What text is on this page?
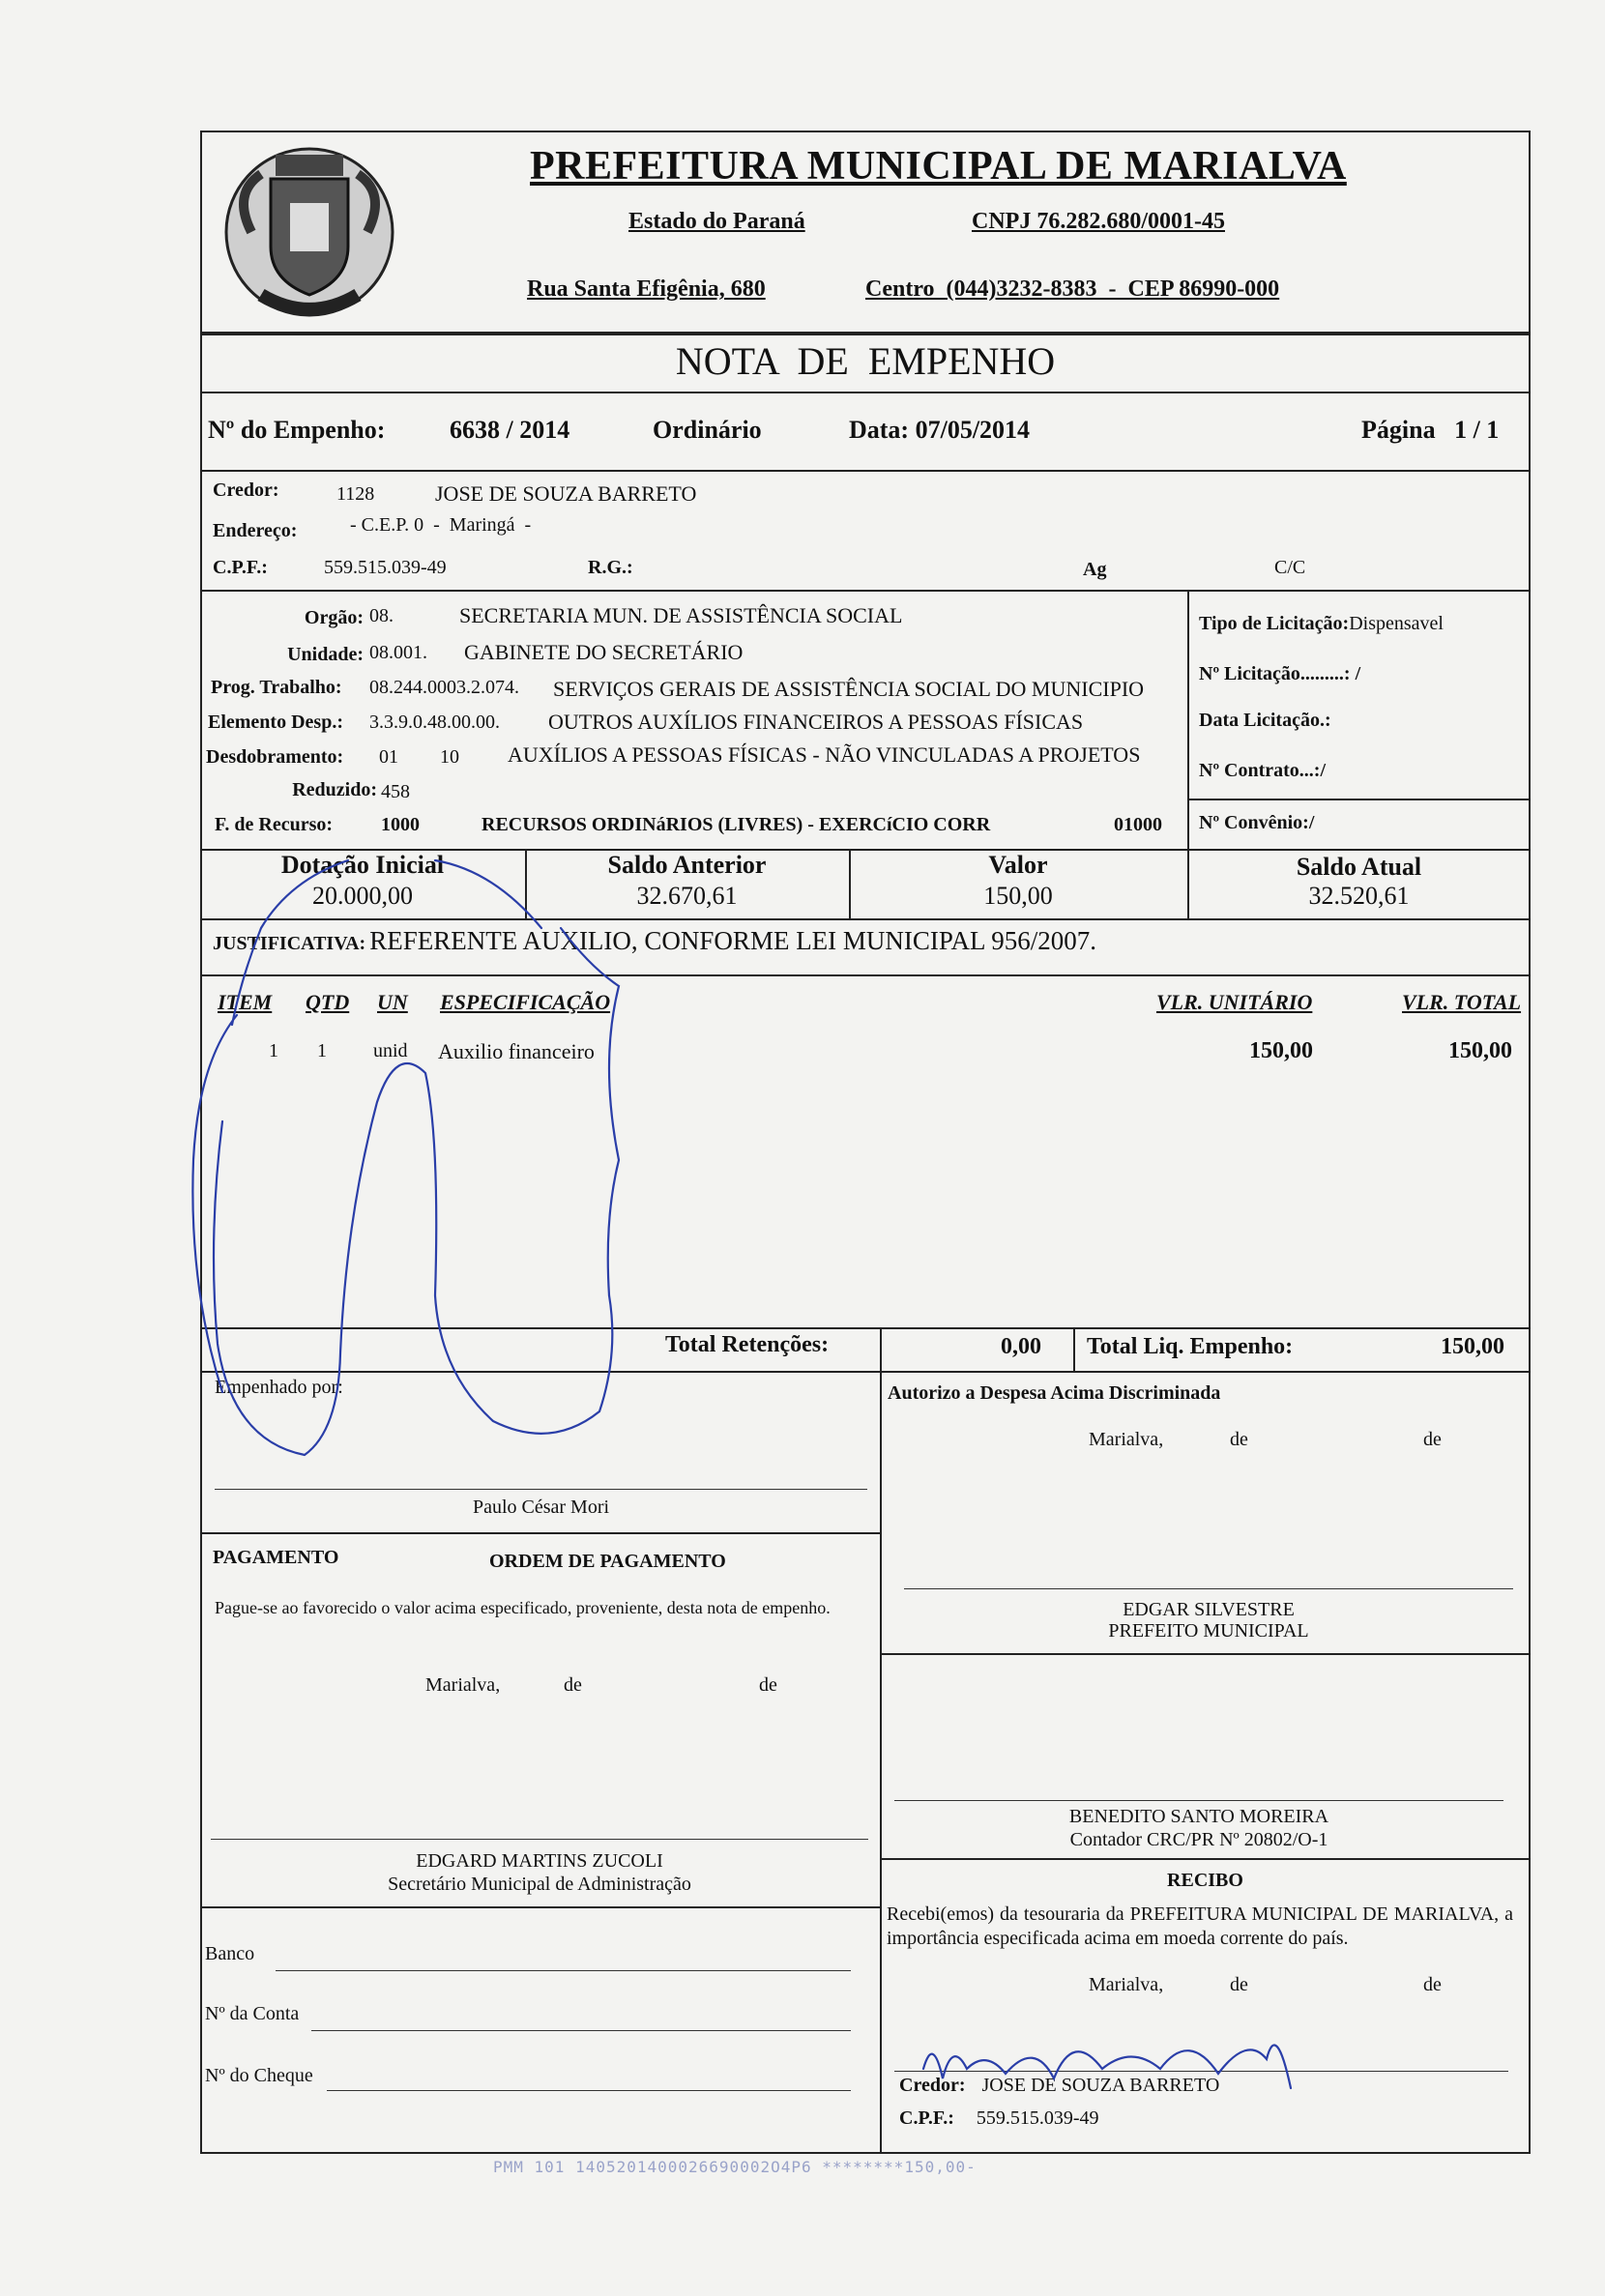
PREFEITURA MUNICIPAL DE MARIALVA
Estado do Paraná	CNPJ 76.282.680/0001-45
Rua Santa Efigênia, 680	Centro  (044)3232-8383  -  CEP 86990-000
NOTA  DE  EMPENHO
Nº do Empenho:	6638 / 2014	Ordinário	Data: 07/05/2014	Página   1 / 1
Credor:	1128	JOSE DE SOUZA BARRETO
Endereço:	- C.E.P. 0  -  Maringá  -
C.P.F.:	559.515.039-49	R.G.:	Ag	C/C
Orgão: 08.	SECRETARIA MUN. DE ASSISTÊNCIA SOCIAL
Unidade: 08.001. GABINETE DO SECRETÁRIO
Prog. Trabalho: 08.244.0003.2.074. SERVIÇOS GERAIS DE ASSISTÊNCIA SOCIAL DO MUNICIPIO
Elemento Desp.: 3.3.9.0.48.00.00. OUTROS AUXÍLIOS FINANCEIROS A PESSOAS FÍSICAS
Desdobramento: 01 10 AUXÍLIOS A PESSOAS FÍSICAS - NÃO VINCULADAS A PROJETOS
Reduzido: 458
F. de Recurso: 1000	RECURSOS ORDINáRIOS (LIVRES) - EXERCíCIO CORR	01000
Tipo de Licitação:Dispensavel
Nº Licitação.........: /
Data Licitação.:
Nº Contrato...:/
Nº Convênio:/
Dotação Inicial
20.000,00
Saldo Anterior
32.670,61
Valor
150,00
Saldo Atual
32.520,61
JUSTIFICATIVA: REFERENTE AUXILIO, CONFORME LEI MUNICIPAL 956/2007.
ITEM QTD UN ESPECIFICAÇÃO	VLR. UNITÁRIO	VLR. TOTAL
1 1 unid Auxilio financeiro	150,00	150,00
Total Retenções:	0,00 Total Liq. Empenho:	150,00
Empenhado por:
Paulo César Mori
Autorizo a Despesa Acima Discriminada
Marialva,	de	de
EDGAR SILVESTRE
PREFEITO MUNICIPAL
PAGAMENTO	ORDEM DE PAGAMENTO
Pague-se ao favorecido o valor acima especificado, proveniente, desta nota de empenho.
Marialva,	de	de
EDGARD MARTINS ZUCOLI
Secretário Municipal de Administração
BENEDITO SANTO MOREIRA
Contador CRC/PR Nº 20802/O-1
RECIBO
Recebi(emos) da tesouraria da PREFEITURA MUNICIPAL DE MARIALVA, a importância especificada acima em moeda corrente do país.
Marialva,	de	de
Credor: JOSE DE SOUZA BARRETO
C.P.F.: 559.515.039-49
Banco
Nº da Conta
Nº do Cheque
PMM 101 1405201400026690002O4P6 ********150,00-
